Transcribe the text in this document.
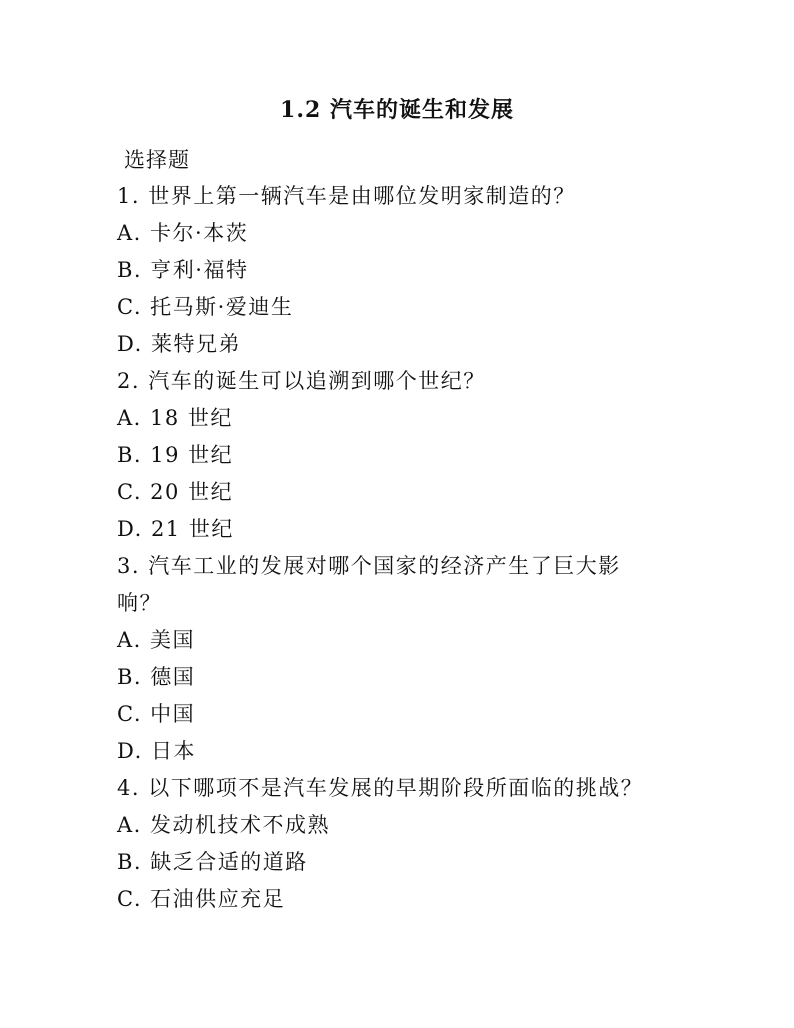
1.2 汽车的诞生和发展
选择题
1. 世界上第一辆汽车是由哪位发明家制造的？
A. 卡尔·本茨
B. 亨利·福特
C. 托马斯·爱迪生
D. 莱特兄弟
2. 汽车的诞生可以追溯到哪个世纪？
A. 18 世纪
B. 19 世纪
C. 20 世纪
D. 21 世纪
3. 汽车工业的发展对哪个国家的经济产生了巨大影
响？
A. 美国
B. 德国
C. 中国
D. 日本
4. 以下哪项不是汽车发展的早期阶段所面临的挑战？
A. 发动机技术不成熟
B. 缺乏合适的道路
C. 石油供应充足
